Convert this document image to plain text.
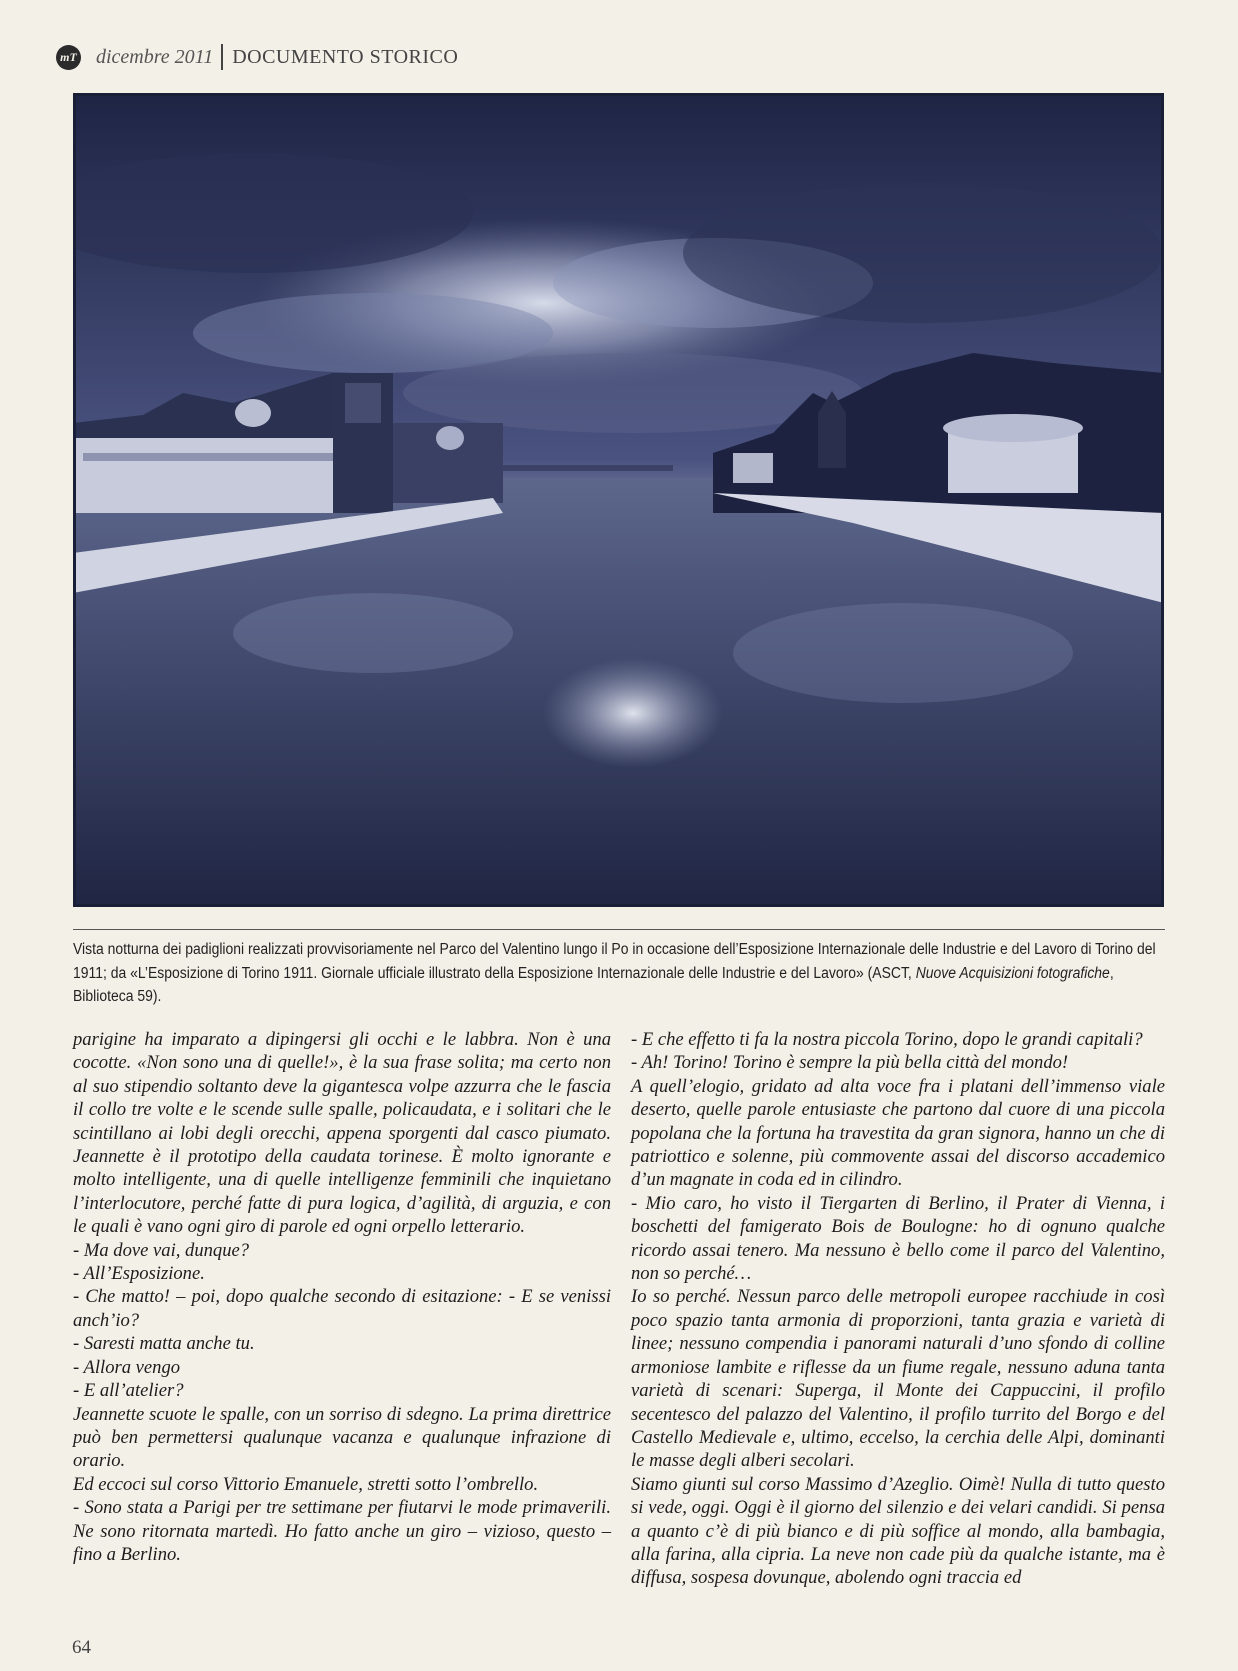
mT dicembre 2011 DOCUMENTO STORICO
Vista notturna dei padiglioni realizzati provvisoriamente nel Parco del Valentino lungo il Po in occasione dell’Esposizione Internazionale delle Industrie e del Lavoro di Torino del 1911; da «L’Esposizione di Torino 1911. Giornale ufficiale illustrato della Esposizione Internazionale delle Industrie e del Lavoro» (ASCT, Nuove Acquisizioni fotografiche, Biblioteca 59).

parigine ha imparato a dipingersi gli occhi e le labbra. Non è una cocotte. «Non sono una di quelle!», è la sua frase solita; ma certo non al suo stipendio soltanto deve la gigantesca volpe azzurra che le fascia il collo tre volte e le scende sulle spalle, policaudata, e i solitari che le scintillano ai lobi degli orecchi, appena sporgenti dal casco piumato. Jeannette è il prototipo della caudata torinese. È molto ignorante e molto intelligente, una di quelle intelligenze femminili che inquietano l’interlocutore, perché fatte di pura logica, d’agilità, di arguzia, e con le quali è vano ogni giro di parole ed ogni orpello letterario.

- Ma dove vai, dunque?

- All’Esposizione.

- Che matto! – poi, dopo qualche secondo di esitazione: - E se venissi anch’io?

- Saresti matta anche tu.

- Allora vengo

- E all’atelier?

Jeannette scuote le spalle, con un sorriso di sdegno. La prima direttrice può ben permettersi qualunque vacanza e qualunque infrazione di orario.

Ed eccoci sul corso Vittorio Emanuele, stretti sotto l’ombrello.

- Sono stata a Parigi per tre settimane per fiutarvi le mode primaverili. Ne sono ritornata martedì. Ho fatto anche un giro – vizioso, questo – fino a Berlino.

- E che effetto ti fa la nostra piccola Torino, dopo le grandi capitali?

- Ah! Torino! Torino è sempre la più bella città del mondo!

A quell’elogio, gridato ad alta voce fra i platani dell’immenso viale deserto, quelle parole entusiaste che partono dal cuore di una piccola popolana che la fortuna ha travestita da gran signora, hanno un che di patriottico e solenne, più commovente assai del discorso accademico d’un magnate in coda ed in cilindro.

- Mio caro, ho visto il Tiergarten di Berlino, il Prater di Vienna, i boschetti del famigerato Bois de Boulogne: ho di ognuno qualche ricordo assai tenero. Ma nessuno è bello come il parco del Valentino, non so perché…

Io so perché. Nessun parco delle metropoli europee racchiude in così poco spazio tanta armonia di proporzioni, tanta grazia e varietà di linee; nessuno compendia i panorami naturali d’uno sfondo di colline armoniose lambite e riflesse da un fiume regale, nessuno aduna tanta varietà di scenari: Superga, il Monte dei Cappuccini, il profilo secentesco del palazzo del Valentino, il profilo turrito del Borgo e del Castello Medievale e, ultimo, eccelso, la cerchia delle Alpi, dominanti le masse degli alberi secolari.

Siamo giunti sul corso Massimo d’Azeglio. Oimè! Nulla di tutto questo si vede, oggi. Oggi è il giorno del silenzio e dei velari candidi. Si pensa a quanto c’è di più bianco e di più soffice al mondo, alla bambagia, alla farina, alla cipria. La neve non cade più da qualche istante, ma è diffusa, sospesa dovunque, abolendo ogni traccia ed

64
